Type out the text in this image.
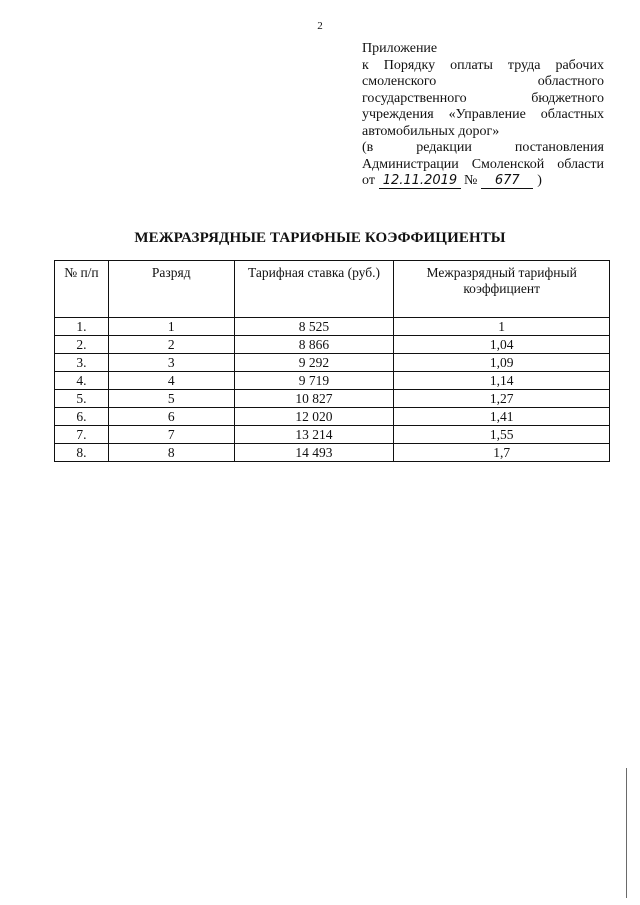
2
Приложение
к Порядку оплаты труда рабочих
смоленского	областного
государственного	бюджетного
учреждения «Управление областных
автомобильных дорог»
(в	редакции	постановления
Администрации Смоленской области
от 12.11.2019 №	677	)
МЕЖРАЗРЯДНЫЕ ТАРИФНЫЕ КОЭФФИЦИЕНТЫ
№ п/п	Разряд	Тарифная ставка (руб.)	Межразрядный тарифный коэффициент
1.	1	8 525	1
2.	2	8 866	1,04
3.	3	9 292	1,09
4.	4	9 719	1,14
5.	5	10 827	1,27
6.	6	12 020	1,41
7.	7	13 214	1,55
8.	8	14 493	1,7
